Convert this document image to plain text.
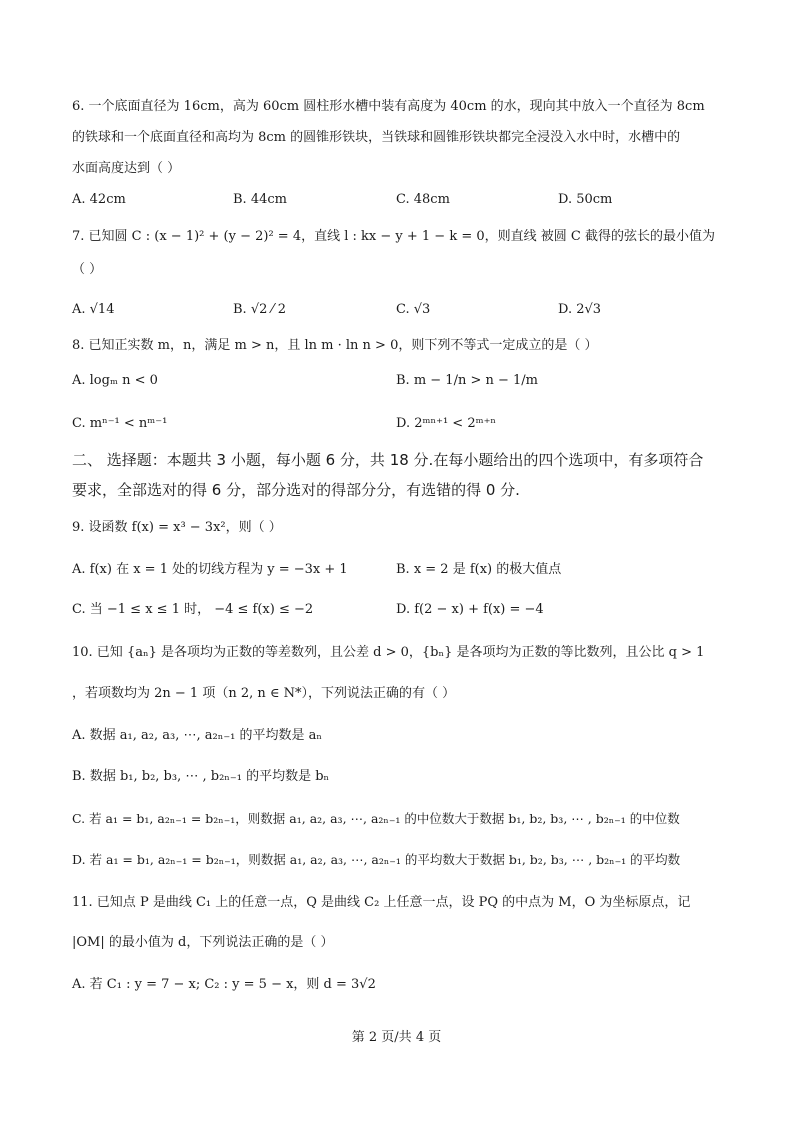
6. 一个底面直径为 16cm，高为 60cm 圆柱形水槽中装有高度为 40cm 的水，现向其中放入一个直径为 8cm
的铁球和一个底面直径和高均为 8cm 的圆锥形铁块，当铁球和圆锥形铁块都完全浸没入水中时，水槽中的
水面高度达到（ ）
A. 42cm	B. 44cm	C. 48cm	D. 50cm
7. 已知圆 C : (x − 1)² + (y − 2)² = 4，直线 l : kx − y + 1 − k = 0，则直线 被圆 C 截得的弦长的最小值为
（ ）
A. √14	B. √2 ⁄ 2	C. √3	D. 2√3
8. 已知正实数 m，n，满足 m > n，且 ln m · ln n > 0，则下列不等式一定成立的是（ ）
A. logₘ n < 0	B. m − 1/n > n − 1/m
C. mⁿ⁻¹ < nᵐ⁻¹	D. 2ᵐⁿ⁺¹ < 2ᵐ⁺ⁿ
二、 选择题：本题共 3 小题，每小题 6 分，共 18 分.在每小题给出的四个选项中，有多项符合
要求，全部选对的得 6 分，部分选对的得部分分，有选错的得 0 分.
9. 设函数 f(x) = x³ − 3x²，则（ ）
A. f(x) 在 x = 1 处的切线方程为 y = −3x + 1	B. x = 2 是 f(x) 的极大值点
C. 当 −1 ≤ x ≤ 1 时， −4 ≤ f(x) ≤ −2	D. f(2 − x) + f(x) = −4
10. 已知 {aₙ} 是各项均为正数的等差数列，且公差 d > 0，{bₙ} 是各项均为正数的等比数列，且公比 q > 1
，若项数均为 2n − 1 项（n 2, n ∈ N*），下列说法正确的有（ ）
A. 数据 a₁, a₂, a₃, ⋯, a₂ₙ₋₁ 的平均数是 aₙ
B. 数据 b₁, b₂, b₃, ⋯ , b₂ₙ₋₁ 的平均数是 bₙ
C. 若 a₁ = b₁, a₂ₙ₋₁ = b₂ₙ₋₁，则数据 a₁, a₂, a₃, ⋯, a₂ₙ₋₁ 的中位数大于数据 b₁, b₂, b₃, ⋯ , b₂ₙ₋₁ 的中位数
D. 若 a₁ = b₁, a₂ₙ₋₁ = b₂ₙ₋₁，则数据 a₁, a₂, a₃, ⋯, a₂ₙ₋₁ 的平均数大于数据 b₁, b₂, b₃, ⋯ , b₂ₙ₋₁ 的平均数
11. 已知点 P 是曲线 C₁ 上的任意一点，Q 是曲线 C₂ 上任意一点，设 PQ 的中点为 M，O 为坐标原点，记
|OM| 的最小值为 d，下列说法正确的是（ ）
A. 若 C₁ : y = 7 − x; C₂ : y = 5 − x，则 d = 3√2
第 2 页/共 4 页
